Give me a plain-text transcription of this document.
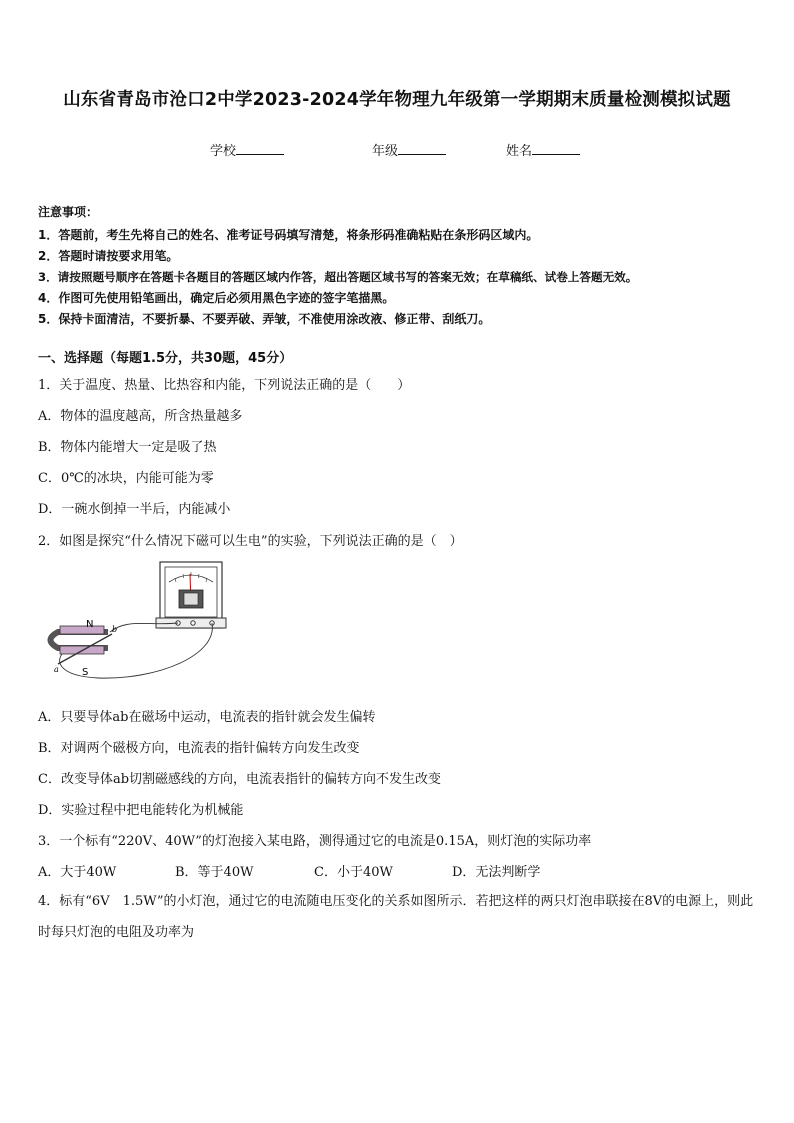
山东省青岛市沧口2中学2023-2024学年物理九年级第一学期期末质量检测模拟试题
学校	年级	姓名
注意事项：
1．答题前，考生先将自己的姓名、准考证号码填写清楚，将条形码准确粘贴在条形码区域内。
2．答题时请按要求用笔。
3．请按照题号顺序在答题卡各题目的答题区域内作答，超出答题区域书写的答案无效；在草稿纸、试卷上答题无效。
4．作图可先使用铅笔画出，确定后必须用黑色字迹的签字笔描黑。
5．保持卡面清洁，不要折暴、不要弄破、弄皱，不准使用涂改液、修正带、刮纸刀。
一、选择题（每题1.5分，共30题，45分）
1．关于温度、热量、比热容和内能，下列说法正确的是（　　）
A．物体的温度越高，所含热量越多
B．物体内能增大一定是吸了热
C．0℃的冰块，内能可能为零
D．一碗水倒掉一半后，内能减小
2．如图是探究“什么情况下磁可以生电”的实验，下列说法正确的是（　）
N
S
a
b
A．只要导体ab在磁场中运动，电流表的指针就会发生偏转
B．对调两个磁极方向，电流表的指针偏转方向发生改变
C．改变导体ab切割磁感线的方向，电流表指针的偏转方向不发生改变
D．实验过程中把电能转化为机械能
3．一个标有“220V、40W”的灯泡接入某电路，测得通过它的电流是0.15A，则灯泡的实际功率
A．大于40W	B．等于40W	C．小于40W	D．无法判断学
4．标有“6V　1.5W”的小灯泡，通过它的电流随电压变化的关系如图所示．若把这样的两只灯泡串联接在8V的电源上，则此时每只灯泡的电阻及功率为
